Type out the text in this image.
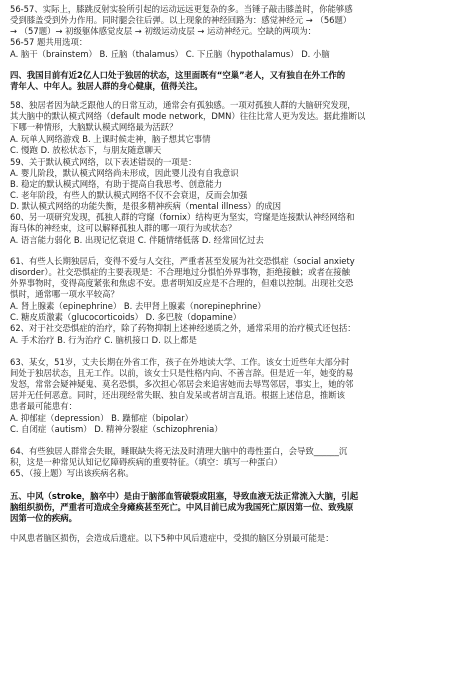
56-57、实际上，膝跳反射实验所引起的运动远远更复杂的多。当锤子敲击膝盖时，你能够感
受到膝盖受到外力作用。同时腿会往后弹。以上现象的神经回路为：感觉神经元 → （56题）
→ （57题）→ 初级躯体感觉皮层 → 初级运动皮层 → 运动神经元。空缺的两项为：
56-57 题共用选项：
A. 脑干（brainstem） B. 丘脑（thalamus） C. 下丘脑（hypothalamus） D. 小脑
四、我国目前有近2亿人口处于独居的状态，这里面既有“空巢”老人，又有独自在外工作的
青年人、中年人。独居人群的身心健康，值得关注。
58、独居者因为缺乏跟他人的日常互动，通常会有孤独感。一项对孤独人群的大脑研究发现，
其大脑中的默认模式网络（default mode network，DMN）往往比常人更为发达。据此推断以
下哪一种情形，大脑默认模式网络最为活跃？
A. 玩单人网络游戏 B. 上课时候走神，脑子想其它事情
C. 慢跑 D. 放松状态下，与朋友随意聊天
59、关于默认模式网络，以下表述错误的一项是：
A. 婴儿阶段，默认模式网络尚未形成，因此婴儿没有自我意识
B. 稳定的默认模式网络，有助于提高自我思考、创意能力
C. 老年阶段，有些人的默认模式网络不仅不会衰退，反而会加强
D. 默认模式网络的功能失衡，是很多精神疾病（mental illness）的成因
60、另一项研究发现，孤独人群的穹窿（fornix）结构更为坚实，穹窿是连接默认神经网络和
海马体的神经束，这可以解释孤独人群的哪一项行为或状态？
A. 语言能力弱化 B. 出现记忆衰退 C. 伴随情绪低落 D. 经常回忆过去
61、有些人长期独居后，变得不爱与人交往，严重者甚至发展为社交恐惧症（social anxiety
disorder）。社交恐惧症的主要表现是：不合理地过分惧怕外界事物，拒绝接触；或者在接触
外界事物时，变得高度紧张和焦虑不安。患者明知反应是不合理的，但难以控制。出现社交恐
惧时，通常哪一项水平较高？
A. 肾上腺素（epinephrine） B. 去甲肾上腺素（norepinephrine）
C. 糖皮质激素（glucocorticoids） D. 多巴胺（dopamine）
62、对于社交恐惧症的治疗，除了药物抑制上述神经递质之外，通常采用的治疗模式还包括：
A. 手术治疗 B. 行为治疗 C. 脑机接口 D. 以上都是
63、某女，51岁，丈夫长期在外省工作，孩子在外地读大学、工作。该女士近些年大部分时
间处于独居状态，且无工作。以前，该女士只是性格内向、不善言辞。但是近一年，她变的易
发怒，常常会疑神疑鬼、莫名恐惧，多次担心邻居会来追害她而去辱骂邻居，事实上，她的邻
居并无任何恶意。同时，还出现经常失眠、独自发呆或者胡言乱语。根据上述信息，推断该
患者最可能患有：
A. 抑郁症（depression） B. 躁郁症（bipolar）
C. 自闭症（autism） D. 精神分裂症（schizophrenia）
64、有些独居人群常会失眠，睡眠缺失将无法及时清理大脑中的毒性蛋白，会导致______沉
积，这是一种常见认知记忆障碍疾病的重要特征。（填空：填写一种蛋白）
65、（接上题）写出该疾病名称。
五、中风（stroke，脑卒中）是由于脑部血管破裂或阻塞，导致血液无法正常流入大脑，引起
脑组织损伤，严重者可造成全身瘫痪甚至死亡。中风目前已成为我国死亡原因第一位、致残原
因第一位的疾病。
中风患者脑区损伤，会造成后遗症。以下5种中风后遗症中，受损的脑区分别最可能是：
